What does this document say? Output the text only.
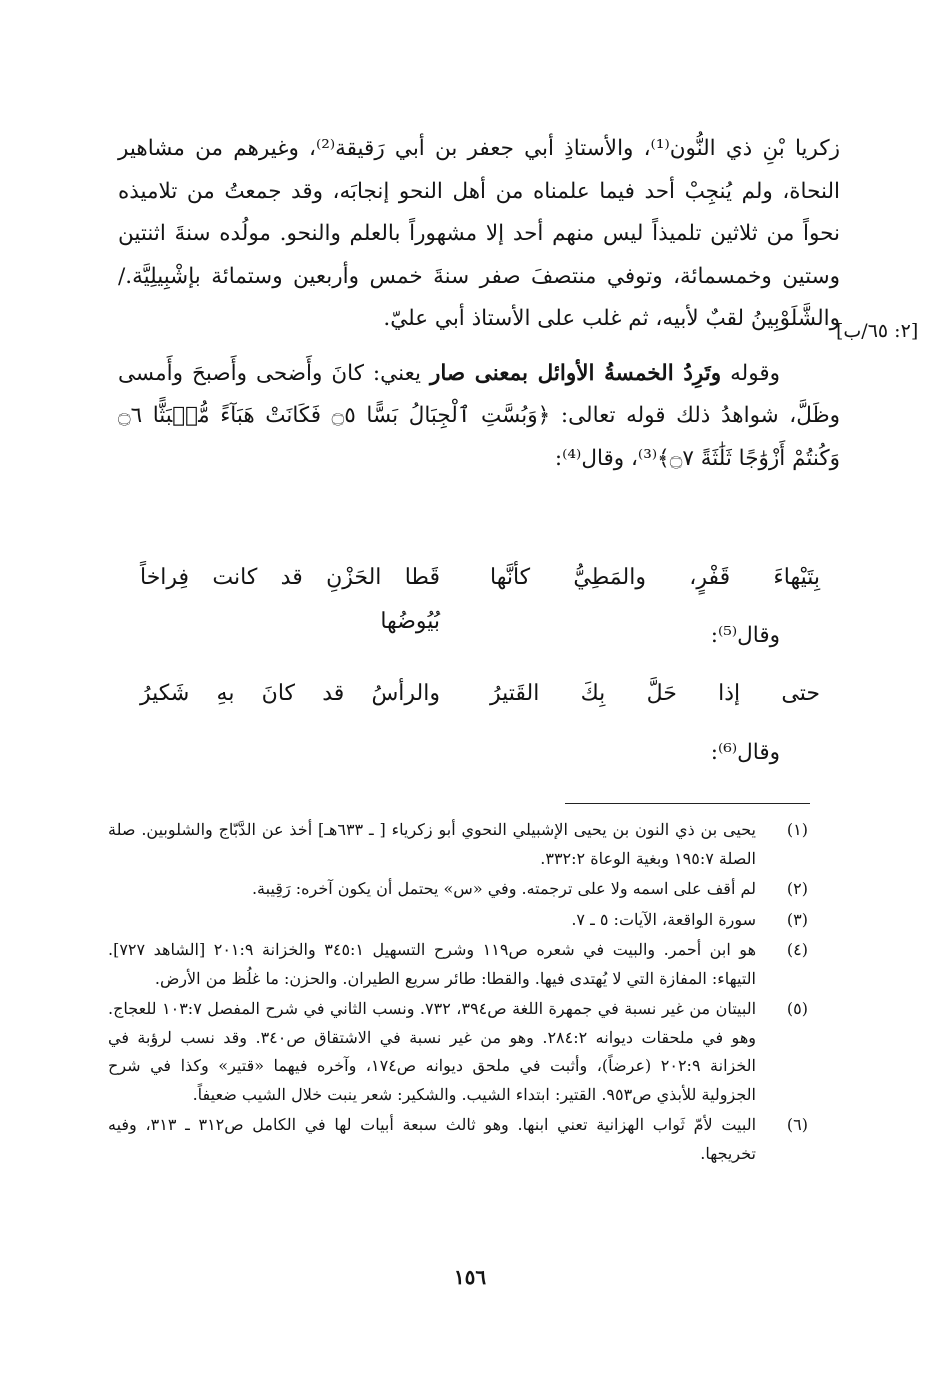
زكريا بْنِ ذي النُّون⁽¹⁾، والأستاذِ أبي جعفر بن أبي رَقيقة⁽²⁾، وغيرهم من مشاهير النحاة، ولم يُنجِبْ أحد فيما علمناه من أهل النحو إنجابَه، وقد جمعتُ من تلاميذه نحواً من ثلاثين تلميذاً ليس منهم أحد إلا مشهوراً بالعلم والنحو. مولُده سنةَ اثنتين وستين وخمسمائة، وتوفي منتصفَ صفر سنةَ خمس وأربعين وستمائة بإشْبِيلِيَّة./ والشَّلَوْبِينُ لقبٌ لأبيه، ثم غلب على الأستاذ أبي عليّ.

وقوله وتَرِدُ الخمسةُ الأوائل بمعنى صار يعني: كانَ وأَضحى وأَصبحَ وأَمسى وظَلَّ، شواهدُ ذلك قوله تعالى: ﴿وَبُسَّتِ ٱلْجِبَالُ بَسًّا ۝٥ فَكَانَتْ هَبَآءً مُّنۢبَثًّا ۝٦ وَكُنتُمْ أَزْوَٰجًا ثَلَٰثَةً ۝٧﴾⁽³⁾، وقال⁽⁴⁾:

[٢: ٦٥/ب]
بِتَيْهاءَ قَفْرٍ، والمَطِيُّ كأنَّها
قَطا الحَزْنِ قد كانت فِراخاً بُيُوضُها
وقال⁽⁵⁾:
حتى إذا حَلَّ بِكَ القَتيرُ
والرأسُ قد كانَ بهِ شَكيرُ
وقال⁽⁶⁾:
(١)
يحيى بن ذي النون بن يحيى الإشبيلي النحوي أبو زكرياء [ ـ ٦٣٣هـ] أخذ عن الدَّبّاج والشلوبين. صلة الصلة ١٩٥:٧ وبغية الوعاة ٣٣٢:٢.
(٢)
لم أقف على اسمه ولا على ترجمته. وفي «س» يحتمل أن يكون آخره: رَقِيبة.
(٣)
سورة الواقعة، الآيات: ٥ ـ ٧.
(٤)
هو ابن أحمر. والبيت في شعره ص١١٩ وشرح التسهيل ٣٤٥:١ والخزانة ٢٠١:٩ [الشاهد ٧٢٧]. التيهاء: المفازة التي لا يُهتدى فيها. والقطا: طائر سريع الطيران. والحزن: ما غلُظ من الأرض.
(٥)
البيتان من غير نسبة في جمهرة اللغة ص٣٩٤، ٧٣٢. ونسب الثاني في شرح المفصل ١٠٣:٧ للعجاج. وهو في ملحقات ديوانه ٢٨٤:٢. وهو من غير نسبة في الاشتقاق ص٣٤٠. وقد نسب لرؤبة في الخزانة ٢٠٢:٩ (عرضاً)، وأثبت في ملحق ديوانه ص١٧٤، وآخره فيهما «قتير» وكذا في شرح الجزولية للأبذي ص٩٥٣. القتير: ابتداء الشيب. والشكير: شعر ينبت خلال الشيب ضعيفاً.
(٦)
البيت لأمّ ثَواب الهزانية تعني ابنها. وهو ثالث سبعة أبيات لها في الكامل ص٣١٢ ـ ٣١٣، وفيه تخريجها.
١٥٦
